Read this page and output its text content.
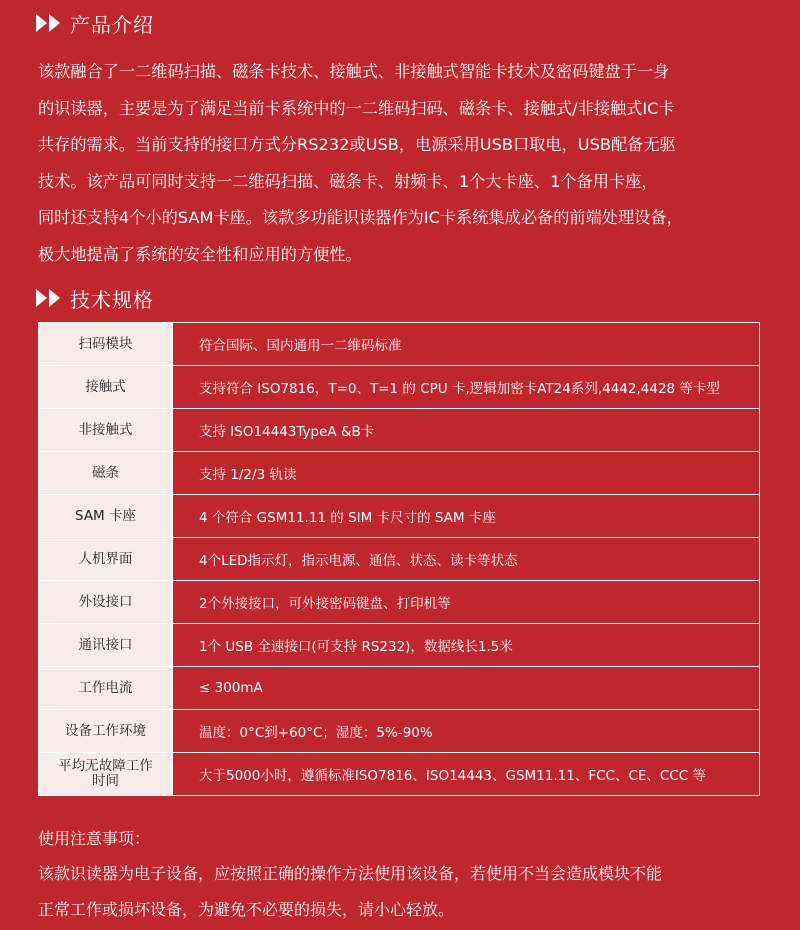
产品介绍

该款融合了一二维码扫描、磁条卡技术、接触式、非接触式智能卡技术及密码键盘于一身

的识读器，主要是为了满足当前卡系统中的一二维码扫码、磁条卡、接触式/非接触式IC卡

共存的需求。当前支持的接口方式分RS232或USB，电源采用USB口取电，USB配备无驱

技术。该产品可同时支持一二维码扫描、磁条卡、射频卡、1个大卡座、1个备用卡座，

同时还支持4个小的SAM卡座。该款多功能识读器作为IC卡系统集成必备的前端处理设备，

极大地提高了系统的安全性和应用的方便性。

技术规格
扫码模块	符合国际、国内通用一二维码标准
接触式	支持符合 ISO7816，T=0、T=1 的 CPU 卡,逻辑加密卡AT24系列,4442,4428 等卡型
非接触式	支持 ISO14443TypeA &B卡
磁条	支持 1/2/3 轨读
SAM 卡座	4 个符合 GSM11.11 的 SIM 卡尺寸的 SAM 卡座
人机界面	4个LED指示灯，指示电源、通信、状态、读卡等状态
外设接口	2个外接接口，可外接密码键盘、打印机等
通讯接口	1个 USB 全速接口(可支持 RS232)，数据线长1.5米
工作电流	≤ 300mA
设备工作环境	温度：0°C到+60°C；湿度：5%-90%
平均无故障工作时间	大于5000小时，遵循标准ISO7816、ISO14443、GSM11.11、FCC、CE、CCC 等
使用注意事项：

该款识读器为电子设备，应按照正确的操作方法使用该设备，若使用不当会造成模块不能

正常工作或损坏设备，为避免不必要的损失，请小心轻放。
